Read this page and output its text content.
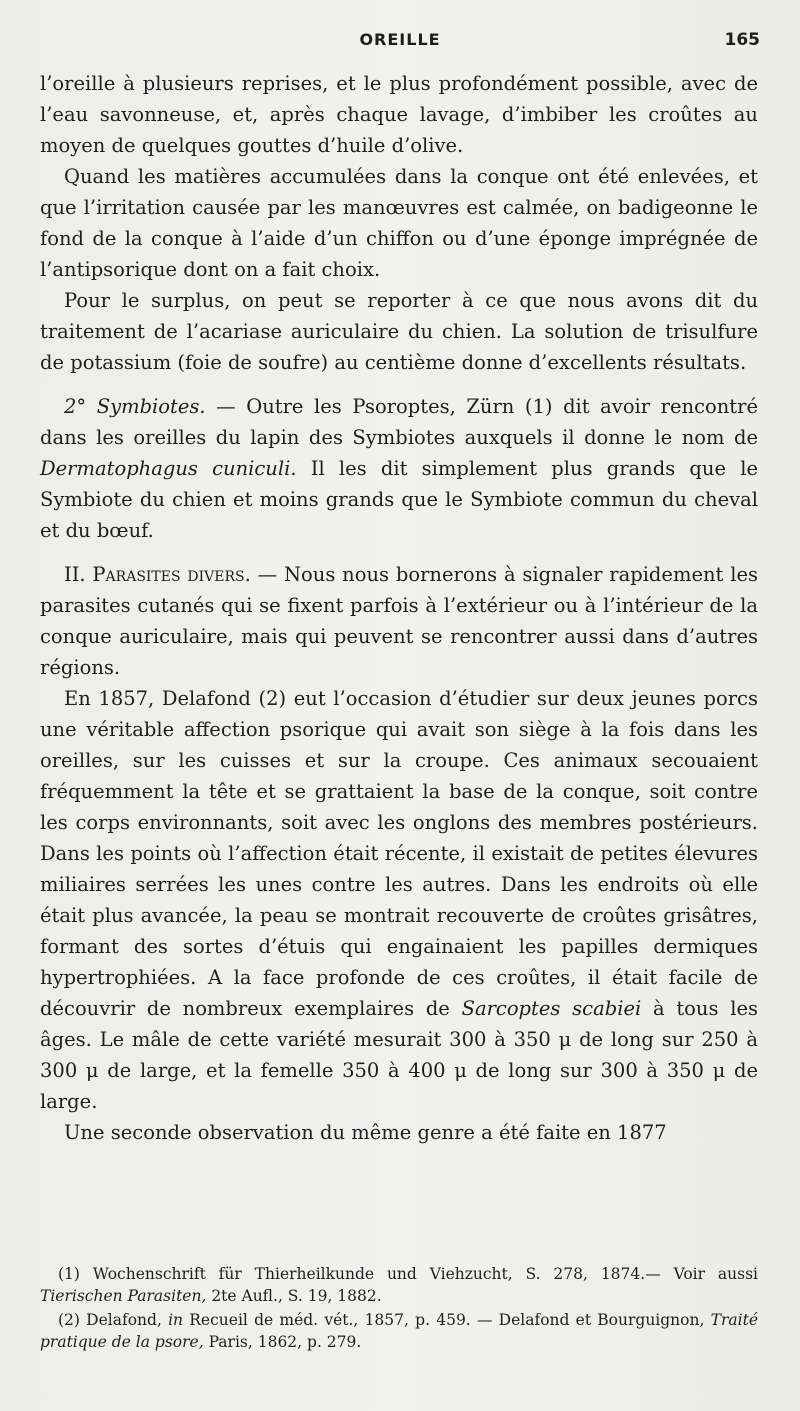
OREILLE	165

l’oreille à plusieurs reprises, et le plus profondément possible, avec de l’eau savonneuse, et, après chaque lavage, d’imbiber les croûtes au moyen de quelques gouttes d’huile d’olive.

Quand les matières accumulées dans la conque ont été enlevées, et que l’irritation causée par les manœuvres est calmée, on badigeonne le fond de la conque à l’aide d’un chiffon ou d’une éponge imprégnée de l’antipsorique dont on a fait choix.

Pour le surplus, on peut se reporter à ce que nous avons dit du traitement de l’acariase auriculaire du chien. La solution de trisulfure de potassium (foie de soufre) au centième donne d’excellents résultats.

2° Symbiotes. — Outre les Psoroptes, Zürn (1) dit avoir rencontré dans les oreilles du lapin des Symbiotes auxquels il donne le nom de Dermatophagus cuniculi. Il les dit simplement plus grands que le Symbiote du chien et moins grands que le Symbiote commun du cheval et du bœuf.

II. Parasites divers. — Nous nous bornerons à signaler rapidement les parasites cutanés qui se fixent parfois à l’extérieur ou à l’intérieur de la conque auriculaire, mais qui peuvent se rencontrer aussi dans d’autres régions.

En 1857, Delafond (2) eut l’occasion d’étudier sur deux jeunes porcs une véritable affection psorique qui avait son siège à la fois dans les oreilles, sur les cuisses et sur la croupe. Ces animaux secouaient fréquemment la tête et se grattaient la base de la conque, soit contre les corps environnants, soit avec les onglons des membres postérieurs. Dans les points où l’affection était récente, il existait de petites élevures miliaires serrées les unes contre les autres. Dans les endroits où elle était plus avancée, la peau se montrait recouverte de croûtes grisâtres, formant des sortes d’étuis qui engainaient les papilles dermiques hypertrophiées. A la face profonde de ces croûtes, il était facile de découvrir de nombreux exemplaires de Sarcoptes scabiei à tous les âges. Le mâle de cette variété mesurait 300 à 350 μ de long sur 250 à 300 μ de large, et la femelle 350 à 400 μ de long sur 300 à 350 μ de large.

Une seconde observation du même genre a été faite en 1877

(1) Wochenschrift für Thierheilkunde und Viehzucht, S. 278, 1874.— Voir aussi Tierischen Parasiten, 2te Aufl., S. 19, 1882.

(2) Delafond, in Recueil de méd. vét., 1857, p. 459. — Delafond et Bourguignon, Traité pratique de la psore, Paris, 1862, p. 279.
